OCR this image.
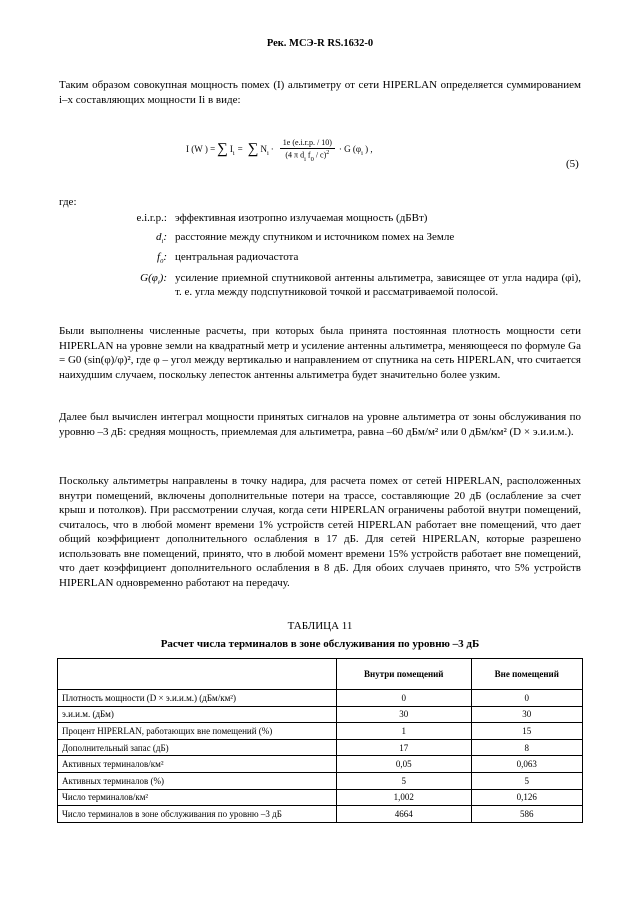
Рек. МСЭ-R RS.1632-0

Таким образом совокупная мощность помех (I) альтиметру от сети HIPERLAN определяется суммированием i–х составляющих мощности Ii в виде:

I (W ) = ∑ $I_i$ = ∑ $N_i \cdot \frac{1e (e.i.r.p. / 10)}{(4 \pi d_i f_0 / c)^2} \cdot G$ ($\varphi_i$ ) ,
(5)
где:
e.i.r.p.: эффективная изотропно излучаемая мощность (дБВт)
$d_i$: расстояние между спутником и источником помех на Земле
$f_0$: центральная радиочастота
$G(\varphi_i)$: усиление приемной спутниковой антенны альтиметра, зависящее от угла надира (φi), т. е. угла между подспутниковой точкой и рассматриваемой полосой.

Были выполнены численные расчеты, при которых была принята постоянная плотность мощности сети HIPERLAN на уровне земли на квадратный метр и усиление антенны альтиметра, меняющееся по формуле Ga = G0 (sin(φ)/φ)², где φ – угол между вертикалью и направлением от спутника на сеть HIPERLAN, что считается наихудшим случаем, поскольку лепесток антенны альтиметра будет значительно более узким.

Далее был вычислен интеграл мощности принятых сигналов на уровне альтиметра от зоны обслуживания по уровню –3 дБ: средняя мощность, приемлемая для альтиметра, равна –60 дБм/м² или 0 дБм/км² (D × э.и.и.м.).

Поскольку альтиметры направлены в точку надира, для расчета помех от сетей HIPERLAN, расположенных внутри помещений, включены дополнительные потери на трассе, составляющие 20 дБ (ослабление за счет крыш и потолков). При рассмотрении случая, когда сети HIPERLAN ограничены работой внутри помещений, считалось, что в любой момент времени 1% устройств сетей HIPERLAN работает вне помещений, что дает общий коэффициент дополнительного ослабления в 17 дБ. Для сетей HIPERLAN, которые разрешено использовать вне помещений, принято, что в любой момент времени 15% устройств работает вне помещений, что дает коэффициент дополнительного ослабления в 8 дБ. Для обоих случаев принято, что 5% устройств HIPERLAN одновременно работают на передачу.

ТАБЛИЦА 11
Расчет числа терминалов в зоне обслуживания по уровню –3 дБ
	Внутри помещений	Вне помещений
Плотность мощности (D × э.и.и.м.) (дБм/км²)	0	0
э.и.и.м. (дБм)	30	30
Процент HIPERLAN, работающих вне помещений (%)	1	15
Дополнительный запас (дБ)	17	8
Активных терминалов/км²	0,05	0,063
Активных терминалов (%)	5	5
Число терминалов/км²	1,002	0,126
Число терминалов в зоне обслуживания по уровню –3 дБ	4664	586
